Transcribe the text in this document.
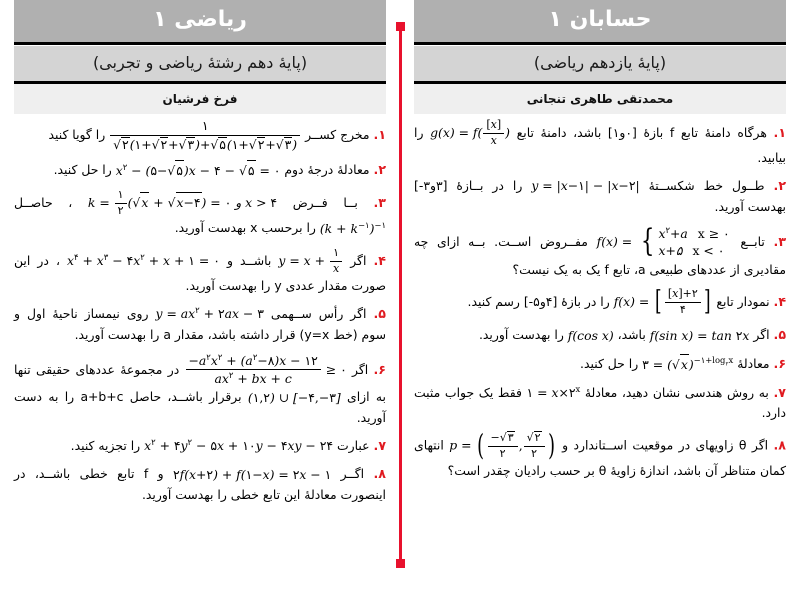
حسابان ۱
(پایهٔ یازدهم ریاضی)
محمدتقی طاهری تنجانی
۱. هرگاه دامنهٔ تابع f بازهٔ [۰و۱] باشد، دامنهٔ تابع $g(x) = f( \frac{[x]}{x}$ ) را بیابید.
۲. طــول خط شکســتهٔ y = |x−۱| − |x−۲| را در بــازهٔ [۳و۳-] بهدست آورید.
۳. تابــع f(x) = { $x^۲+a$ x ≥ ۰
x+۵ x < ۰
مفــروض اســت. بــه ازای چه مقادیری از عددهای طبیعی a، تابع f یک به یک نیست؟
۴. نمودار تابع f(x) = [ $\frac{[x]+۲}{۴}$ ]
را در بازهٔ [۴و۵-] رسم کنید.
۵. اگر f(sin x) = tan ۲x باشد، f(cos x) را بهدست آورید.
۶. معادلهٔ ۳ = $(√x)^{-۱+log_۲x}$ را حل کنید.
۷. به روش هندسی نشان دهید، معادلهٔ ۱ = $x\times ۲^x$ فقط یک جواب مثبت دارد.
۸. اگر θ زاویهای در موقعیت اســتاندارد و p = ( $\frac{-√۳}{۲}$ , $\frac{√۲}{۲}$ )
انتهای کمان متناظر آن باشد، اندازهٔ زاویهٔ θ بر حسب رادیان چقدر است؟
ریاضی ۱
(پایهٔ دهم رشتهٔ ریاضی و تجربی)
فرخ فرشیان
۱. مخرج کســر
$\frac{۱}{√۲(۱+√۲+√۳)+√۵(۱+√۲+√۳)}$
را گویا کنید
۲. معادلهٔ درجهٔ دوم $x^۲$ − (۵−√۵)x − ۴ − √۵ = ۰ را حل کنید.
۳. بــا فــرض $k = \frac{۱}{۲} (√x$ + √x−۴) = ۰ و x > ۴ ، حاصــل $(k + k^{-۱})^{-۱}$ را برحسب x بهدست آورید.
۴. اگر $y = x + \frac{۱}{x}$
باشــد و $x^۴ + x^۳$ − $۴x^۲ + x$ + ۱ = ۰ ، در این صورت مقدار عددی y را بهدست آورید.
۵. اگر رأس ســهمی $y = ax^۲$ + ۲ax − ۳ روی نیمساز ناحیهٔ اول و سوم (خط y=x) قرار داشته باشد، مقدار a را بهدست آورید.
۶. اگر
$\frac{-a^۲x^۲ + (a^۲-۸)x - ۱۲}{ax^۲ + bx + c}$ ≥ ۰ در مجموعهٔ عددهای حقیقی تنها به ازای (۱,۲) ∪ [−۴,−۳] برقرار باشــد، حاصل a+b+c را به دست آورید.
۷. عبارت $x^۲$ + $۴y^۲$ − ۵x + ۱۰y − ۴xy − ۲۴ را تجزیه کنید.
۸. اگــر ۲f(x+۲) + f(۱−x) = ۲x − ۱ و f تابع خطی باشــد، در اینصورت معادلهٔ این تابع خطی را بهدست آورید.
